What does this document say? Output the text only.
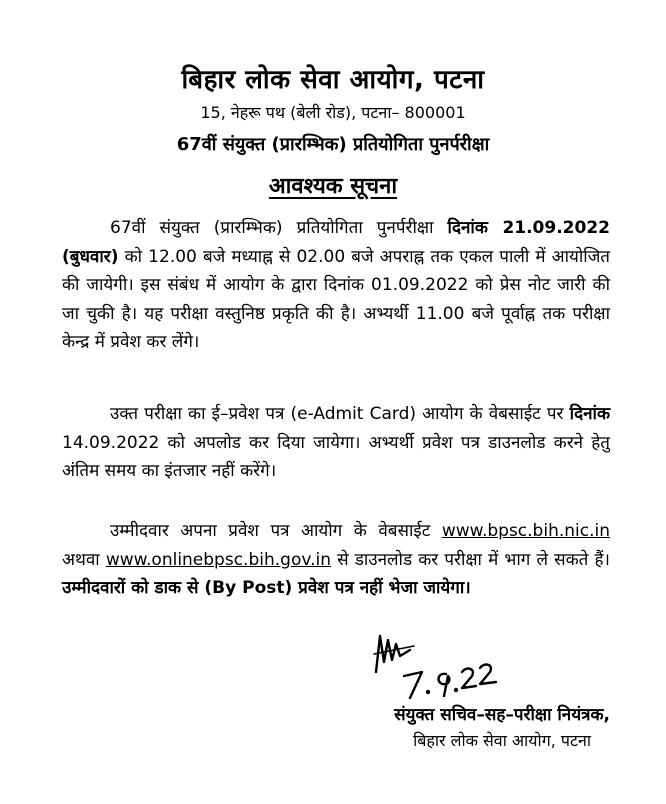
बिहार लोक सेवा आयोग, पटना
15, नेहरू पथ (बेली रोड), पटना– 800001
67वीं संयुक्त (प्रारम्भिक) प्रतियोगिता पुनर्परीक्षा
आवश्यक सूचना

67वीं संयुक्त (प्रारम्भिक) प्रतियोगिता पुनर्परीक्षा दिनांक 21.09.2022 (बुधवार) को 12.00 बजे मध्याह्न से 02.00 बजे अपराह्न तक एकल पाली में आयोजित की जायेगी। इस संबंध में आयोग के द्वारा दिनांक 01.09.2022 को प्रेस नोट जारी की जा चुकी है। यह परीक्षा वस्तुनिष्ठ प्रकृति की है। अभ्यर्थी 11.00 बजे पूर्वाह्न तक परीक्षा केन्द्र में प्रवेश कर लेंगे।

उक्त परीक्षा का ई–प्रवेश पत्र (e-Admit Card) आयोग के वेबसाईट पर दिनांक 14.09.2022 को अपलोड कर दिया जायेगा। अभ्यर्थी प्रवेश पत्र डाउनलोड करने हेतु अंतिम समय का इंतजार नहीं करेंगे।

उम्मीदवार अपना प्रवेश पत्र आयोग के वेबसाईट www.bpsc.bih.nic.in अथवा www.onlinebpsc.bih.gov.in से डाउनलोड कर परीक्षा में भाग ले सकते हैं। उम्मीदवारों को डाक से (By Post) प्रवेश पत्र नहीं भेजा जायेगा।

संयुक्त सचिव–सह–परीक्षा नियंत्रक,
बिहार लोक सेवा आयोग, पटना
